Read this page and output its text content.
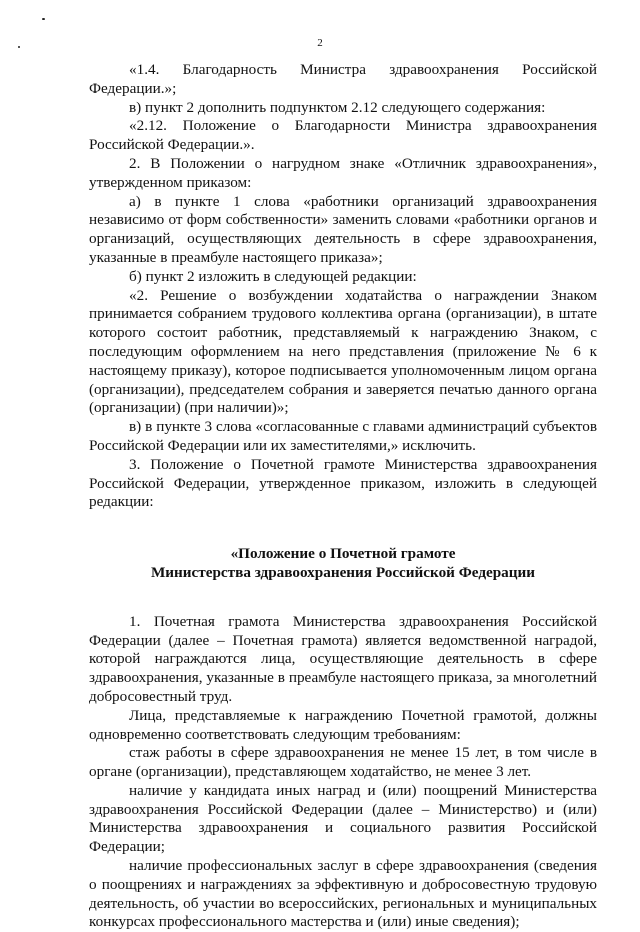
2

«1.4. Благодарность Министра здравоохранения Российской Федерации.»;

в) пункт 2 дополнить подпунктом 2.12 следующего содержания:

«2.12. Положение о Благодарности Министра здравоохранения Российской Федерации.».

2. В Положении о нагрудном знаке «Отличник здравоохранения», утвержденном приказом:

а) в пункте 1 слова «работники организаций здравоохранения независимо от форм собственности» заменить словами «работники органов и организаций, осуществляющих деятельность в сфере здравоохранения, указанные в преамбуле настоящего приказа»;

б) пункт 2 изложить в следующей редакции:

«2. Решение о возбуждении ходатайства о награждении Знаком принимается собранием трудового коллектива органа (организации), в штате которого состоит работник, представляемый к награждению Знаком, с последующим оформлением на него представления (приложение № 6 к настоящему приказу), которое подписывается уполномоченным лицом органа (организации), председателем собрания и заверяется печатью данного органа (организации) (при наличии)»;

в) в пункте 3 слова «согласованные с главами администраций субъектов Российской Федерации или их заместителями,» исключить.

3. Положение о Почетной грамоте Министерства здравоохранения Российской Федерации, утвержденное приказом, изложить в следующей редакции:

«Положение о Почетной грамоте
Министерства здравоохранения Российской Федерации

1. Почетная грамота Министерства здравоохранения Российской Федерации (далее – Почетная грамота) является ведомственной наградой, которой награждаются лица, осуществляющие деятельность в сфере здравоохранения, указанные в преамбуле настоящего приказа, за многолетний добросовестный труд.

Лица, представляемые к награждению Почетной грамотой, должны одновременно соответствовать следующим требованиям:

стаж работы в сфере здравоохранения не менее 15 лет, в том числе в органе (организации), представляющем ходатайство, не менее 3 лет.

наличие у кандидата иных наград и (или) поощрений Министерства здравоохранения Российской Федерации (далее – Министерство) и (или) Министерства здравоохранения и социального развития Российской Федерации;

наличие профессиональных заслуг в сфере здравоохранения (сведения о поощрениях и награждениях за эффективную и добросовестную трудовую деятельность, об участии во всероссийских, региональных и муниципальных конкурсах профессионального мастерства и (или) иные сведения);
